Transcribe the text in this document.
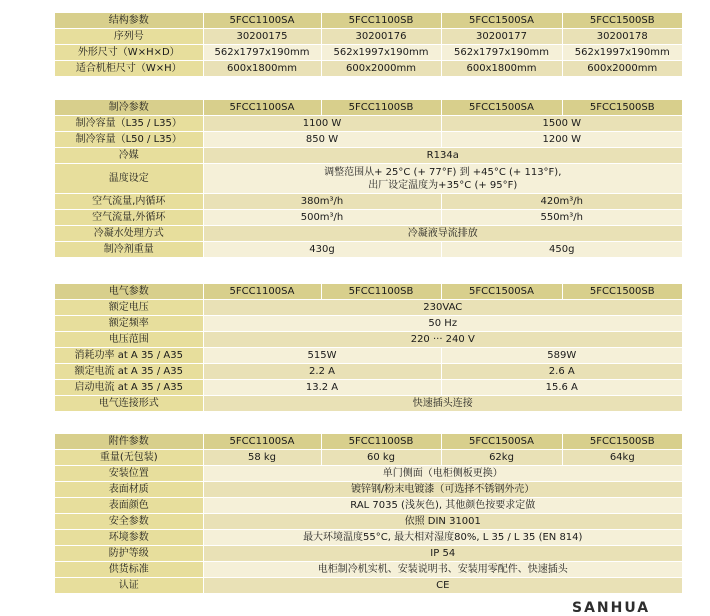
结构参数	5FCC1100SA	5FCC1100SB	5FCC1500SA	5FCC1500SB
序列号	30200175	30200176	30200177	30200178
外形尺寸（W×H×D）	562x1797x190mm	562x1997x190mm	562x1797x190mm	562x1997x190mm
适合机柜尺寸（W×H）	600x1800mm	600x2000mm	600x1800mm	600x2000mm
制冷参数	5FCC1100SA	5FCC1100SB	5FCC1500SA	5FCC1500SB
制冷容量（L35 / L35）	1100 W		1500 W	
制冷容量（L50 / L35）	850 W		1200 W	
冷媒	R134a			
温度设定	调整范围从+ 25°C (+ 77°F) 到 +45°C (+ 113°F),
出厂设定温度为+35°C (+ 95°F)			

空气流量,内循环	380m³/h		420m³/h	
空气流量,外循环	500m³/h		550m³/h	
冷凝水处理方式	冷凝液导流排放			
制冷剂重量	430g		450g	
电气参数	5FCC1100SA	5FCC1100SB	5FCC1500SA	5FCC1500SB
额定电压	230VAC			
额定频率	50 Hz			
电压范围	220 ··· 240 V			
消耗功率 at A 35 / A35	515W		589W	
额定电流 at A 35 / A35	2.2 A		2.6 A	
启动电流 at A 35 / A35	13.2 A		15.6 A	
电气连接形式	快速插头连接			
附件参数	5FCC1100SA	5FCC1100SB	5FCC1500SA	5FCC1500SB
重量(无包装)	58 kg	60 kg	62kg	64kg
安装位置	单门侧面（电柜侧板更换）			
表面材质	镀锌钢/粉末电镀漆（可选择不锈钢外壳）			
表面颜色	RAL 7035 (浅灰色), 其他颜色按要求定做			
安全参数	依照 DIN 31001			
环境参数	最大环境温度55°C, 最大相对湿度80%, L 35 / L 35 (EN 814)			
防护等级	IP 54			
供货标准	电柜制冷机实机、安装说明书、安装用零配件、快速插头			
认证	CE			
SANHUA
